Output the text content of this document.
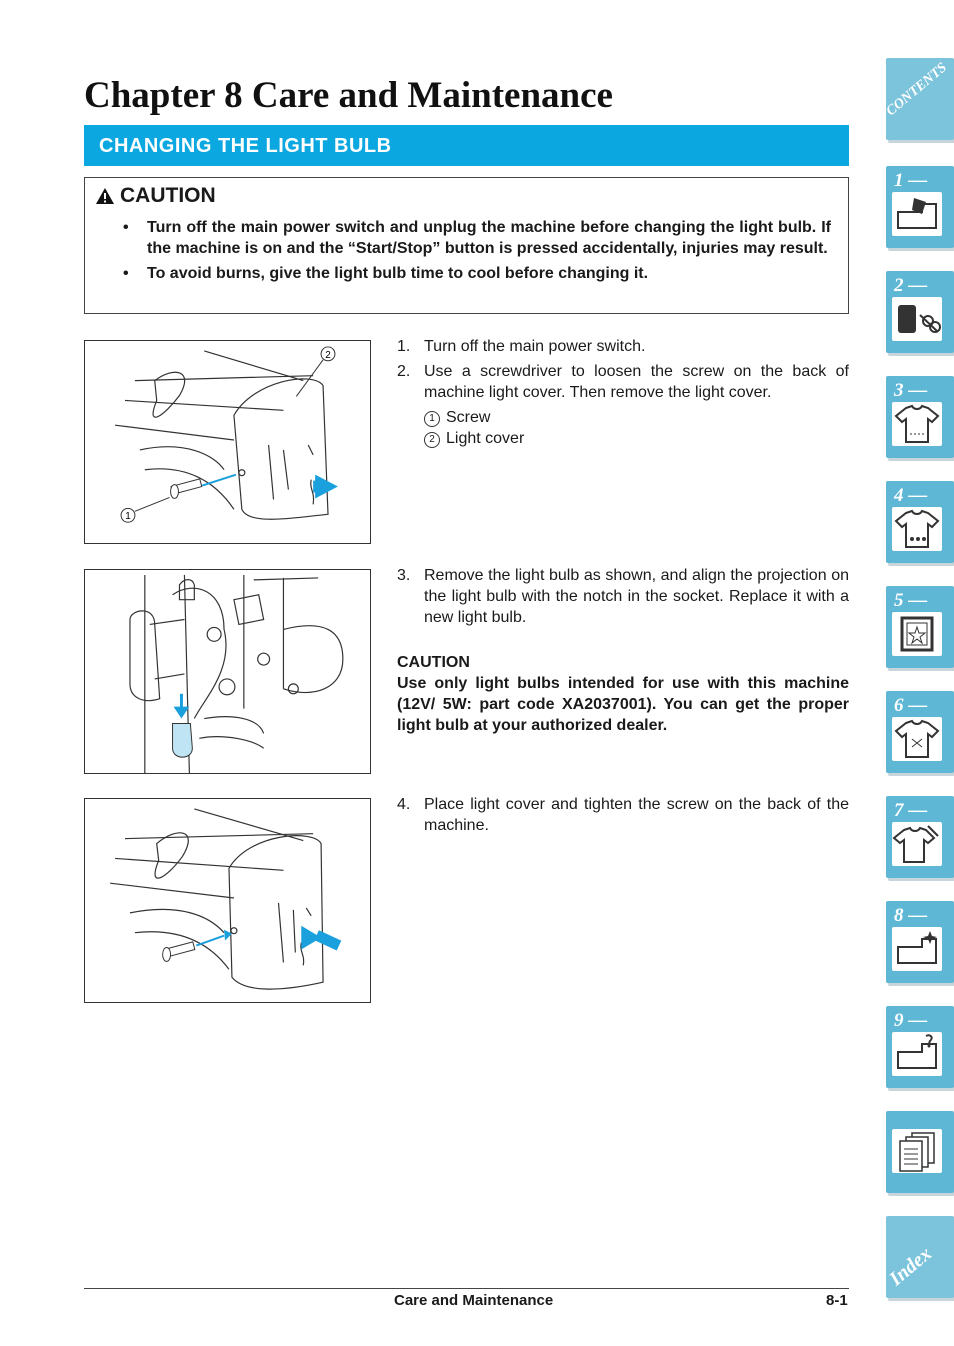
Chapter 8 Care and Maintenance
CHANGING THE LIGHT BULB
CAUTION
• Turn off the main power switch and unplug the machine before changing the light bulb. If the machine is on and the “Start/Stop” button is pressed accidentally, injuries may result.
• To avoid burns, give the light bulb time to cool before changing it.
2
1
1. Turn off the main power switch.
2. Use a screwdriver to loosen the screw on the back of machine light cover. Then remove the light cover.
1 Screw
2 Light cover
3. Remove the light bulb as shown, and align the projection on the light bulb with the notch in the socket. Replace it with a new light bulb.
CAUTION
Use only light bulbs intended for use with this machine (12V/ 5W: part code XA2037001). You can get the proper light bulb at your authorized dealer.
4. Place light cover and tighten the screw on the back of the machine.
Care and Maintenance	8-1
CONTENTS
1 —
2 —
3 —
4 —
5 —
6 —
7 —
8 —
9 —
Index
